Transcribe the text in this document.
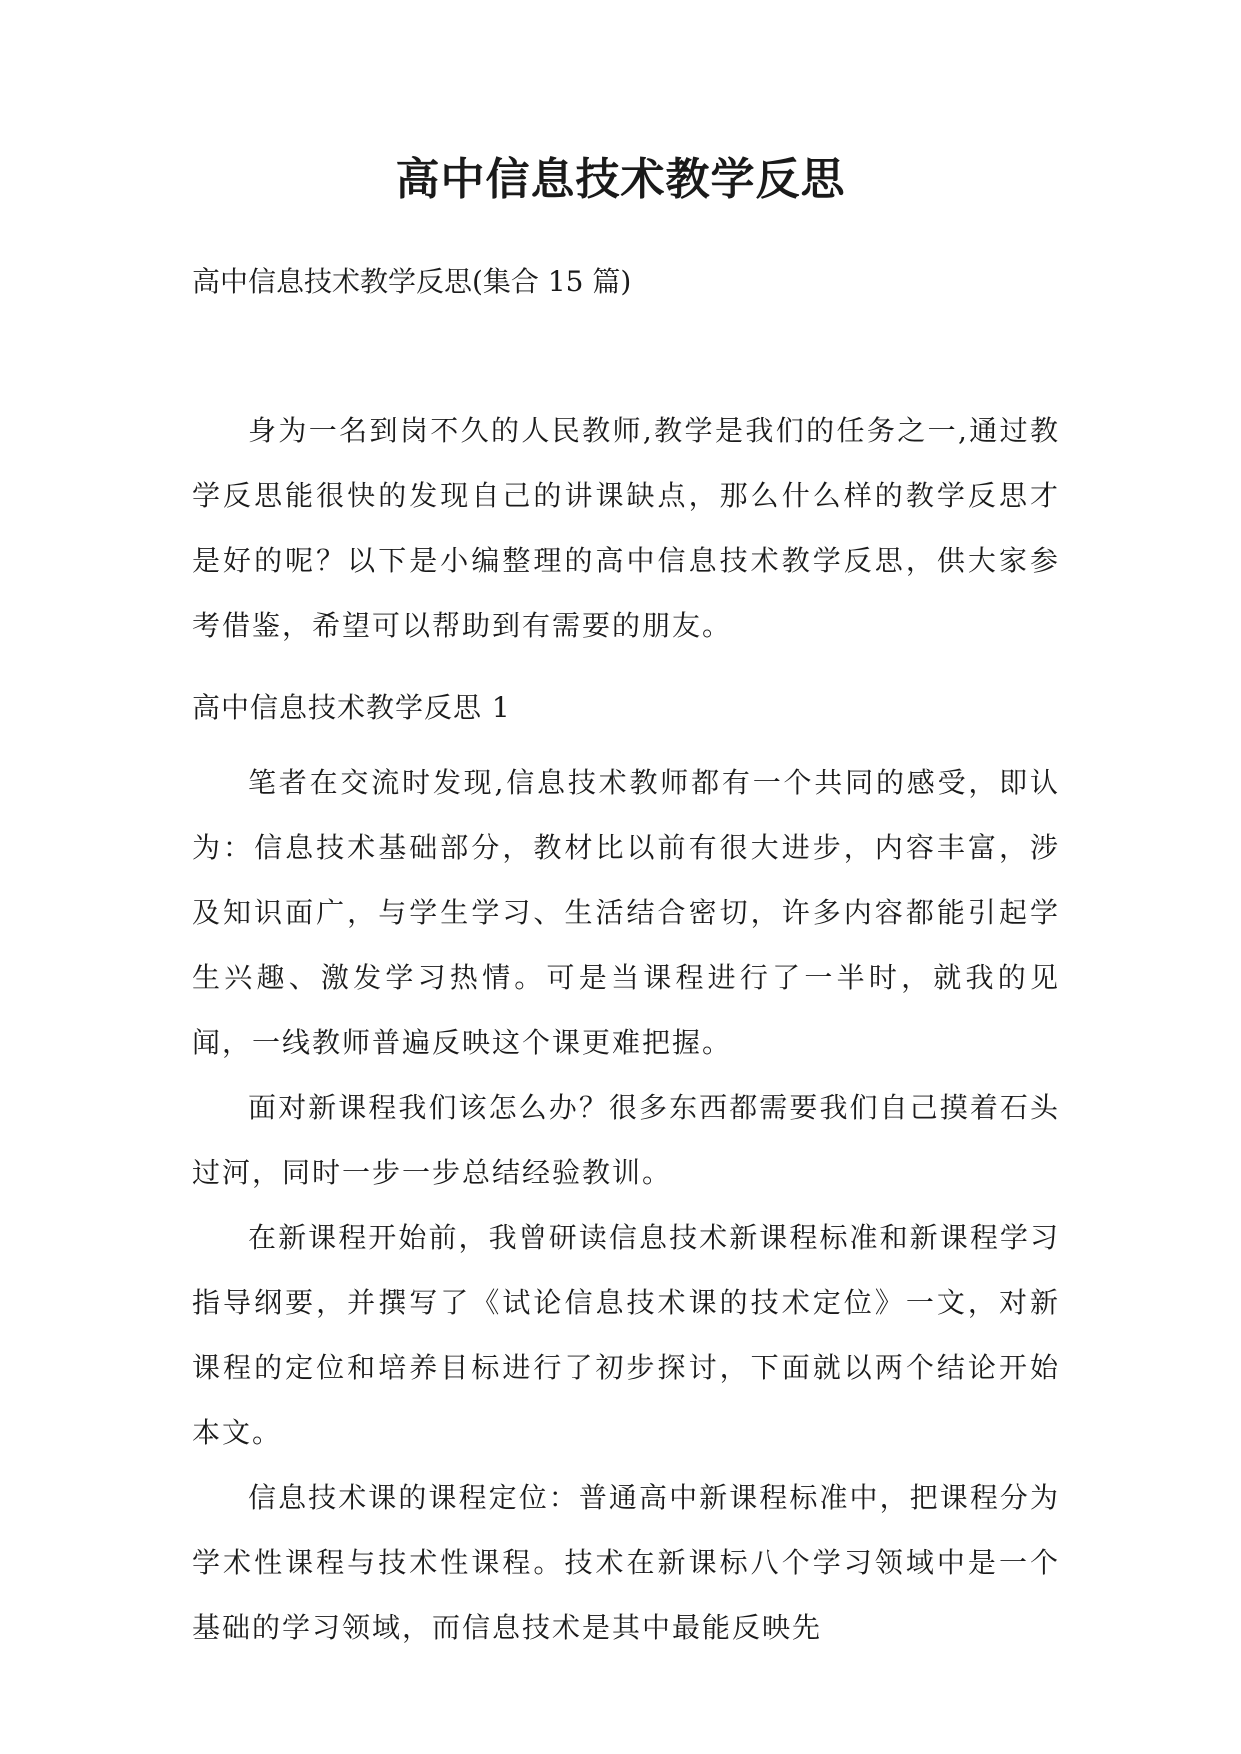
高中信息技术教学反思

高中信息技术教学反思(集合 15 篇)

身为一名到岗不久的人民教师,教学是我们的任务之一,通过教学反思能很快的发现自己的讲课缺点，那么什么样的教学反思才是好的呢？以下是小编整理的高中信息技术教学反思，供大家参考借鉴，希望可以帮助到有需要的朋友。

高中信息技术教学反思 1

笔者在交流时发现,信息技术教师都有一个共同的感受，即认为：信息技术基础部分，教材比以前有很大进步，内容丰富，涉及知识面广，与学生学习、生活结合密切，许多内容都能引起学生兴趣、激发学习热情。可是当课程进行了一半时，就我的见闻，一线教师普遍反映这个课更难把握。

面对新课程我们该怎么办？很多东西都需要我们自己摸着石头过河，同时一步一步总结经验教训。

在新课程开始前，我曾研读信息技术新课程标准和新课程学习指导纲要，并撰写了《试论信息技术课的技术定位》一文，对新课程的定位和培养目标进行了初步探讨，下面就以两个结论开始本文。

信息技术课的课程定位：普通高中新课程标准中，把课程分为学术性课程与技术性课程。技术在新课标八个学习领域中是一个基础的学习领域，而信息技术是其中最能反映先
